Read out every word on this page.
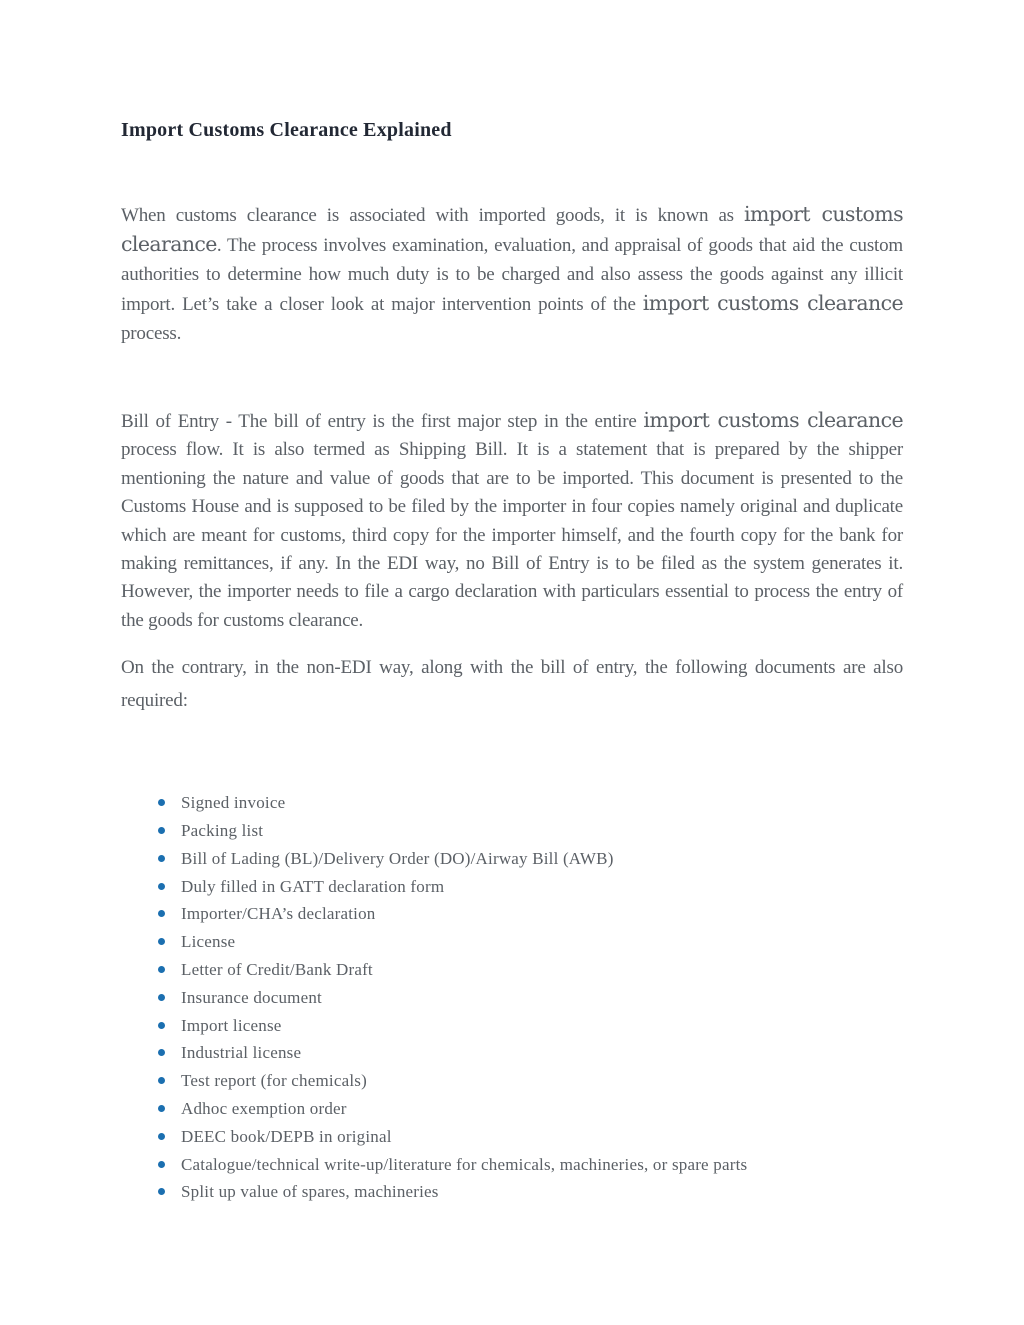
Import Customs Clearance Explained

When customs clearance is associated with imported goods, it is known as import customs clearance. The process involves examination, evaluation, and appraisal of goods that aid the custom authorities to determine how much duty is to be charged and also assess the goods against any illicit import. Let’s take a closer look at major intervention points of the import customs clearance process.

Bill of Entry - The bill of entry is the first major step in the entire import customs clearance process flow. It is also termed as Shipping Bill. It is a statement that is prepared by the shipper mentioning the nature and value of goods that are to be imported. This document is presented to the Customs House and is supposed to be filed by the importer in four copies namely original and duplicate which are meant for customs, third copy for the importer himself, and the fourth copy for the bank for making remittances, if any. In the EDI way, no Bill of Entry is to be filed as the system generates it. However, the importer needs to file a cargo declaration with particulars essential to process the entry of the goods for customs clearance.

On the contrary, in the non-EDI way, along with the bill of entry, the following documents are also required:

Signed invoice
Packing list
Bill of Lading (BL)/Delivery Order (DO)/Airway Bill (AWB)
Duly filled in GATT declaration form
Importer/CHA’s declaration
License
Letter of Credit/Bank Draft
Insurance document
Import license
Industrial license
Test report (for chemicals)
Adhoc exemption order
DEEC book/DEPB in original
Catalogue/technical write-up/literature for chemicals, machineries, or spare parts
Split up value of spares, machineries
